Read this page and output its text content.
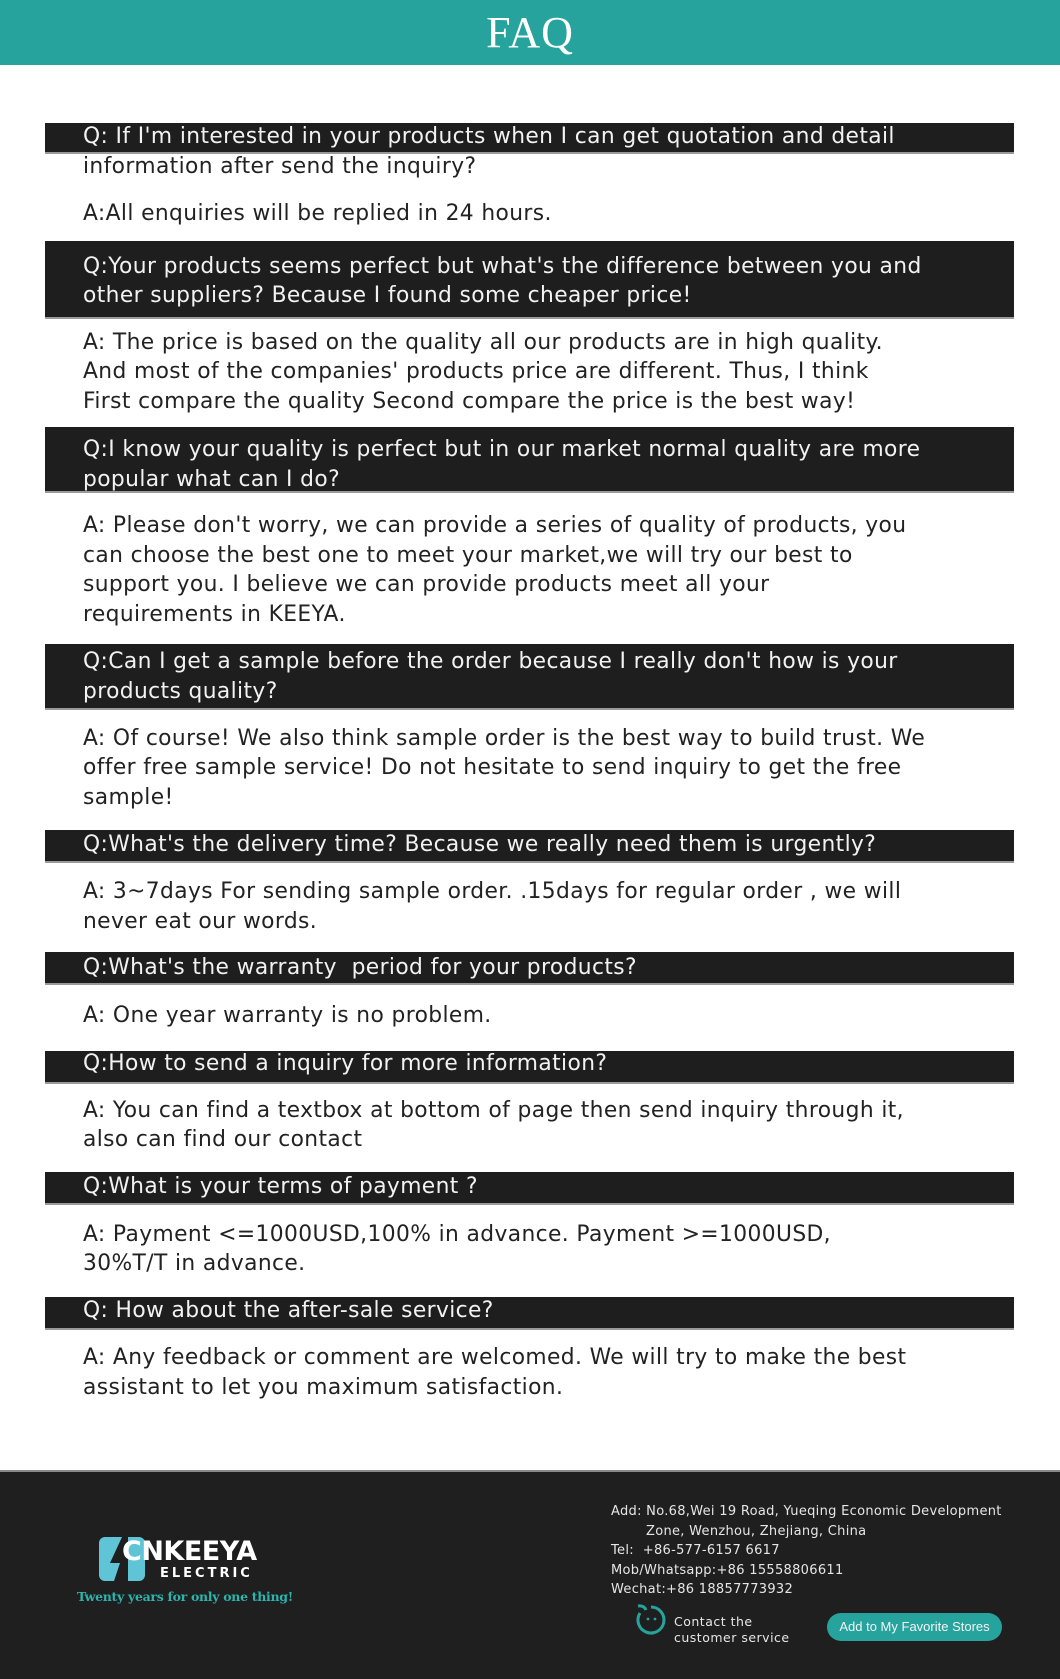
FAQ
Q: If I'm interested in your products when I can get quotation and detail
information after send the inquiry?
A:All enquiries will be replied in 24 hours.
Q:Your products seems perfect but what's the difference between you and
other suppliers? Because I found some cheaper price!
A: The price is based on the quality all our products are in high quality.
And most of the companies' products price are different. Thus, I think
First compare the quality Second compare the price is the best way!
Q:I know your quality is perfect but in our market normal quality are more
popular what can I do?
A: Please don't worry, we can provide a series of quality of products, you
can choose the best one to meet your market,we will try our best to
support you. I believe we can provide products meet all your
requirements in KEEYA.
Q:Can I get a sample before the order because I really don't how is your
products quality?
A: Of course! We also think sample order is the best way to build trust. We
offer free sample service! Do not hesitate to send inquiry to get the free
sample!
Q:What's the delivery time? Because we really need them is urgently?
A: 3~7days For sending sample order. .15days for regular order , we will
never eat our words.
Q:What's the warranty  period for your products?
A: One year warranty is no problem.
Q:How to send a inquiry for more information?
A: You can find a textbox at bottom of page then send inquiry through it,
also can find our contact
Q:What is your terms of payment ?
A: Payment <=1000USD,100% in advance. Payment >=1000USD,
30%T/T in advance.
Q: How about the after-sale service?
A: Any feedback or comment are welcomed. We will try to make the best
assistant to let you maximum satisfaction.
CNKEEYA
ELECTRIC
Twenty years for only one thing!
Add: No.68,Wei 19 Road, Yueqing Economic Development
Zone, Wenzhou, Zhejiang, China
Tel:  +86-577-6157 6617
Mob/Whatsapp:+86 15558806611
Wechat:+86 18857773932
Contact the
customer service
Add to My Favorite Stores
